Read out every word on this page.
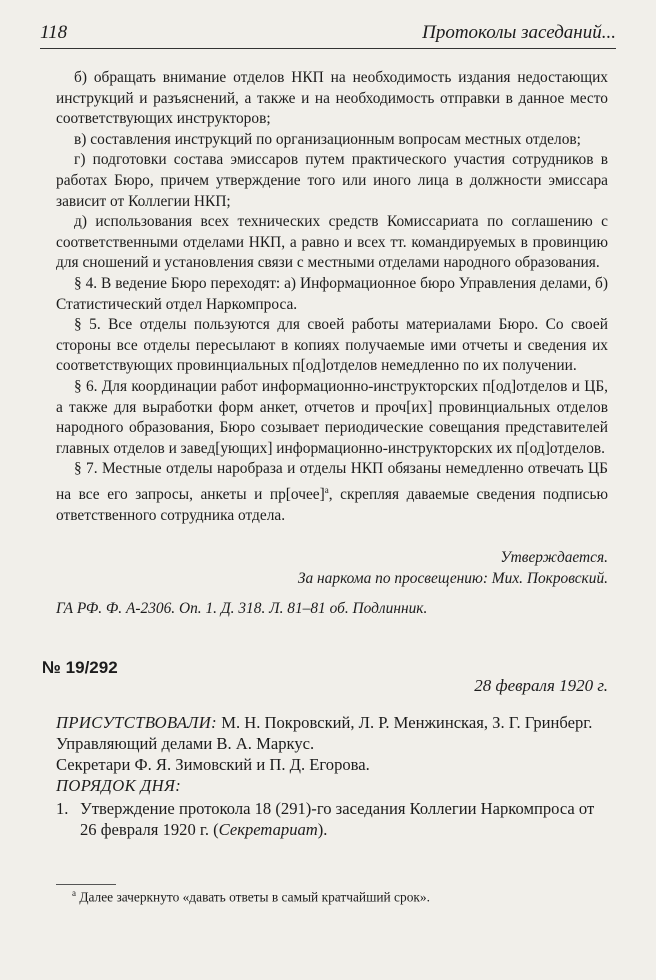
118	Протоколы заседаний...

б) обращать внимание отделов НКП на необходимость издания недостающих инструкций и разъяснений, а также и на необходимость отправки в данное место соответствующих инструкторов;

в) составления инструкций по организационным вопросам местных отделов;

г) подготовки состава эмиссаров путем практического участия сотрудников в работах Бюро, причем утверждение того или иного лица в должности эмиссара зависит от Коллегии НКП;

д) использования всех технических средств Комиссариата по соглашению с соответственными отделами НКП, а равно и всех тт. командируемых в провинцию для сношений и установления связи с местными отделами народного образования.

§ 4. В ведение Бюро переходят: а) Информационное бюро Управления делами, б) Статистический отдел Наркомпроса.

§ 5. Все отделы пользуются для своей работы материалами Бюро. Со своей стороны все отделы пересылают в копиях получаемые ими отчеты и сведения их соответствующих провинциальных п[од]отделов немедленно по их получении.

§ 6. Для координации работ информационно-инструкторских п[од]отделов и ЦБ, а также для выработки форм анкет, отчетов и проч[их] провинциальных отделов народного образования, Бюро созывает периодические совещания представителей главных отделов и завед[ующих] информационно-инструкторских их п[од]отделов.

§ 7. Местные отделы наробраза и отделы НКП обязаны немедленно отвечать ЦБ на все его запросы, анкеты и пр[очее]$^а$, скрепляя даваемые сведения подписью ответственного сотрудника отдела.

Утверждается.

За наркома по просвещению: Мих. Покровский.

ГА РФ. Ф. А-2306. Оп. 1. Д. 318. Л. 81–81 об. Подлинник.

№ 19/292
28 февраля 1920 г.

ПРИСУТСТВОВАЛИ: М. Н. Покровский, Л. Р. Менжинская, З. Г. Гринберг.

Управляющий делами В. А. Маркус.

Секретари Ф. Я. Зимовский и П. Д. Егорова.

ПОРЯДОК ДНЯ:

1. Утверждение протокола 18 (291)-го заседания Коллегии Наркомпроса от 26 февраля 1920 г. (Секретариат).
$^а$ Далее зачеркнуто «давать ответы в самый кратчайший срок».
